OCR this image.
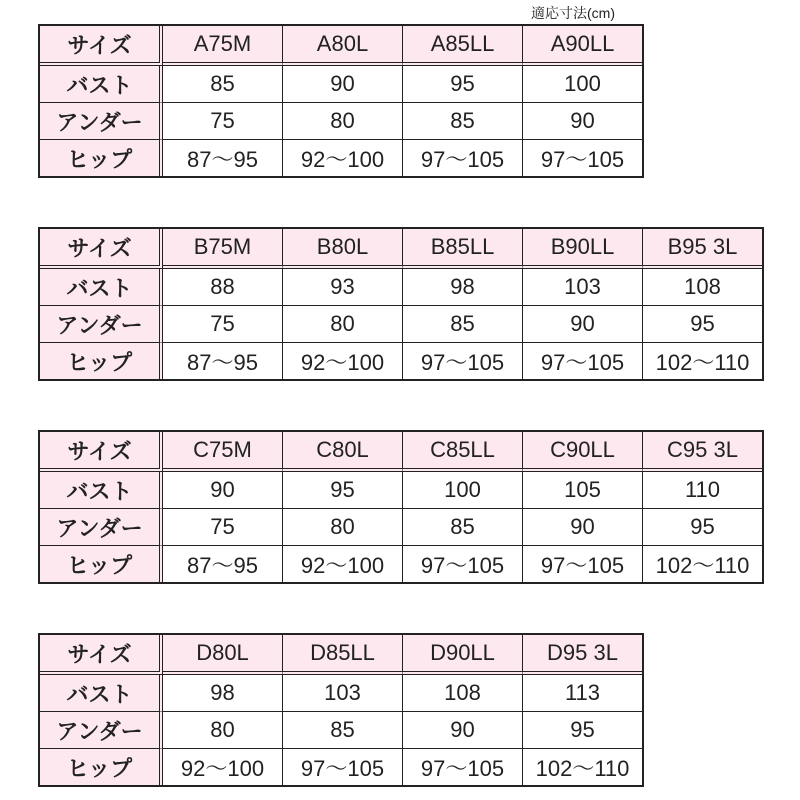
適応寸法(cm)
サイズ	A75M	A80L	A85LL	A90LL
バスト	85	90	95	100
アンダー	75	80	85	90
ヒップ	87〜95	92〜100	97〜105	97〜105
サイズ	B75M	B80L	B85LL	B90LL	B95 3L
バスト	88	93	98	103	108
アンダー	75	80	85	90	95
ヒップ	87〜95	92〜100	97〜105	97〜105	102〜110
サイズ	C75M	C80L	C85LL	C90LL	C95 3L
バスト	90	95	100	105	110
アンダー	75	80	85	90	95
ヒップ	87〜95	92〜100	97〜105	97〜105	102〜110
サイズ	D80L	D85LL	D90LL	D95 3L
バスト	98	103	108	113
アンダー	80	85	90	95
ヒップ	92〜100	97〜105	97〜105	102〜110
